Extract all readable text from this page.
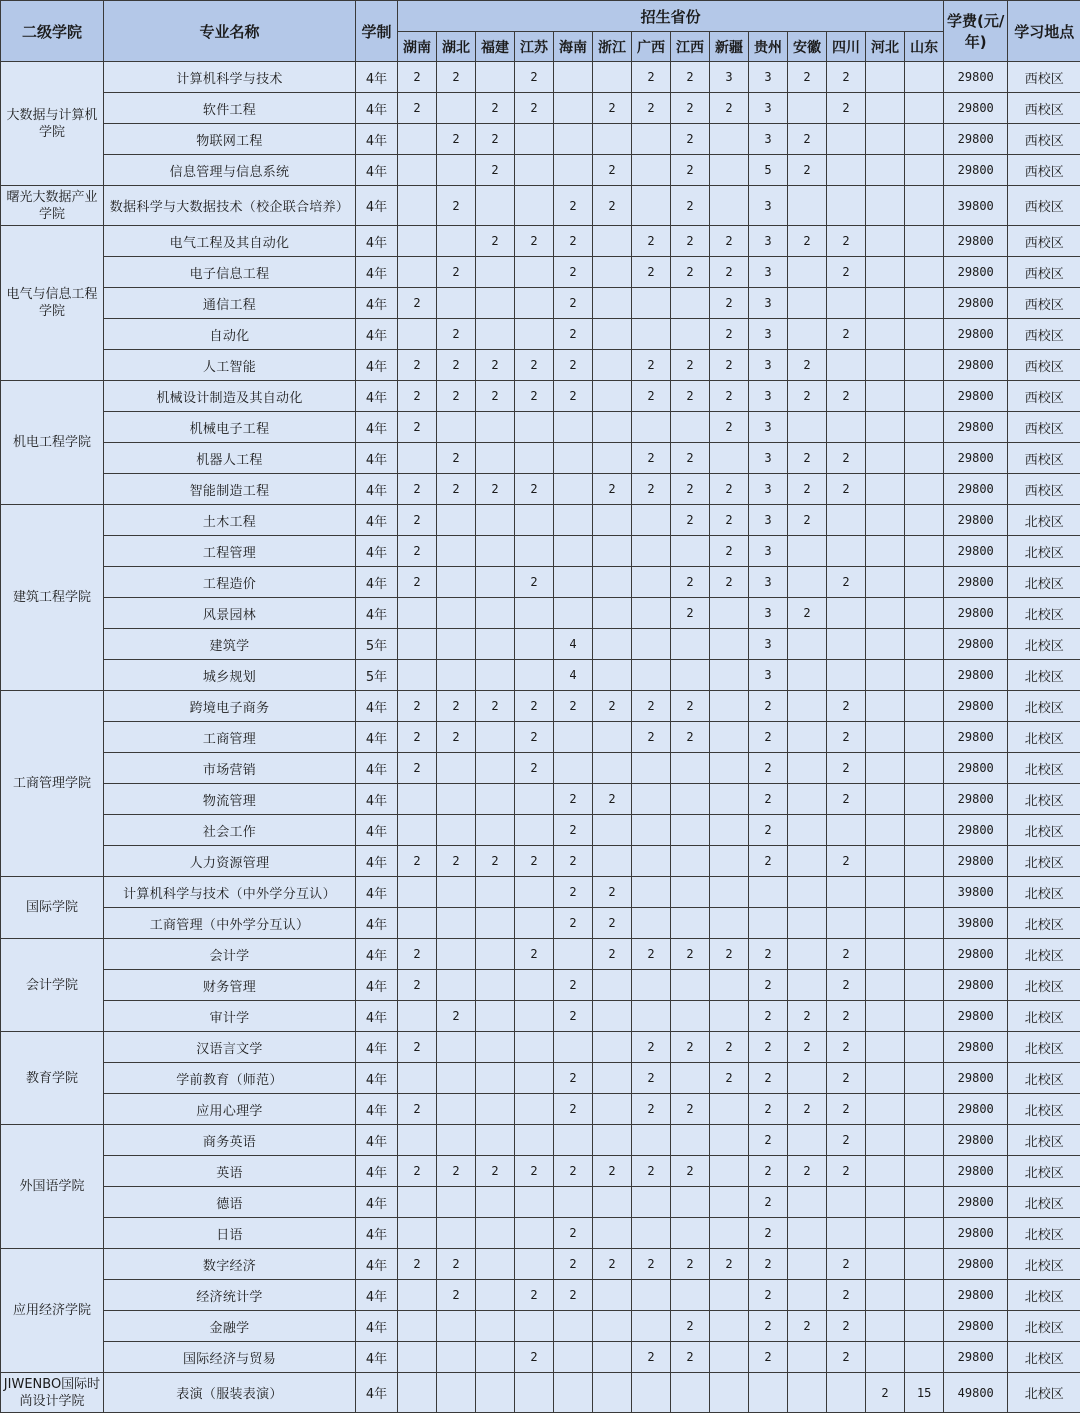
二级学院	专业名称	学制	招生省份														学费(元/年)	学习地点
			湖南	湖北	福建	江苏	海南	浙江	广西	江西	新疆	贵州	安徽	四川	河北	山东		
大数据与计算机学院	计算机科学与技术	4年	2	2		2			2	2	3	3	2	2			29800	西校区
	软件工程	4年	2		2	2		2	2	2	2	3		2			29800	西校区
	物联网工程	4年		2	2					2		3	2				29800	西校区
	信息管理与信息系统	4年			2			2		2		5	2				29800	西校区
曙光大数据产业学院	数据科学与大数据技术（校企联合培养）	4年		2			2	2		2		3					39800	西校区
电气与信息工程学院	电气工程及其自动化	4年			2	2	2		2	2	2	3	2	2			29800	西校区
	电子信息工程	4年		2			2		2	2	2	3		2			29800	西校区
	通信工程	4年	2				2				2	3					29800	西校区
	自动化	4年		2			2				2	3		2			29800	西校区
	人工智能	4年	2	2	2	2	2		2	2	2	3	2				29800	西校区
机电工程学院	机械设计制造及其自动化	4年	2	2	2	2	2		2	2	2	3	2	2			29800	西校区
	机械电子工程	4年	2								2	3					29800	西校区
	机器人工程	4年		2					2	2		3	2	2			29800	西校区
	智能制造工程	4年	2	2	2	2		2	2	2	2	3	2	2			29800	西校区
建筑工程学院	土木工程	4年	2							2	2	3	2				29800	北校区
	工程管理	4年	2								2	3					29800	北校区
	工程造价	4年	2			2				2	2	3		2			29800	北校区
	风景园林	4年								2		3	2				29800	北校区
	建筑学	5年					4					3					29800	北校区
	城乡规划	5年					4					3					29800	北校区
工商管理学院	跨境电子商务	4年	2	2	2	2	2	2	2	2		2		2			29800	北校区
	工商管理	4年	2	2		2			2	2		2		2			29800	北校区
	市场营销	4年	2			2						2		2			29800	北校区
	物流管理	4年					2	2				2		2			29800	北校区
	社会工作	4年					2					2					29800	北校区
	人力资源管理	4年	2	2	2	2	2					2		2			29800	北校区
国际学院	计算机科学与技术（中外学分互认）	4年					2	2									39800	北校区
	工商管理（中外学分互认）	4年					2	2									39800	北校区
会计学院	会计学	4年	2			2		2	2	2	2	2		2			29800	北校区
	财务管理	4年	2				2					2		2			29800	北校区
	审计学	4年		2			2					2	2	2			29800	北校区
教育学院	汉语言文学	4年	2						2	2	2	2	2	2			29800	北校区
	学前教育（师范）	4年					2		2		2	2		2			29800	北校区
	应用心理学	4年	2				2		2	2		2	2	2			29800	北校区
外国语学院	商务英语	4年										2		2			29800	北校区
	英语	4年	2	2	2	2	2	2	2	2		2	2	2			29800	北校区
	德语	4年										2					29800	北校区
	日语	4年					2					2					29800	北校区
应用经济学院	数字经济	4年	2	2			2	2	2	2	2	2		2			29800	北校区
	经济统计学	4年		2		2	2					2		2			29800	北校区
	金融学	4年								2		2	2	2			29800	北校区
	国际经济与贸易	4年				2			2	2		2		2			29800	北校区
JIWENBO国际时尚设计学院	表演（服装表演）	4年													2	15	49800	北校区
